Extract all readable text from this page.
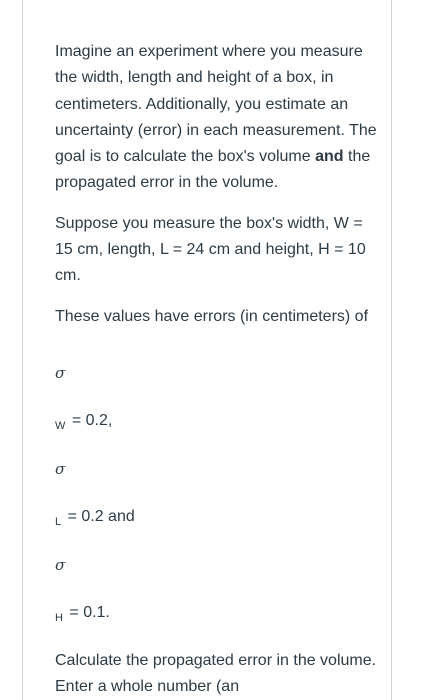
Imagine an experiment where you measure the width, length and height of a box, in centimeters. Additionally, you estimate an uncertainty (error) in each measurement. The goal is to calculate the box's volume and the propagated error in the volume.

Suppose you measure the box's width, W = 15 cm, length, L = 24 cm and height, H = 10 cm.

These values have errors (in centimeters) of

σ
$_W$ = 0.2,
σ
$_L$ = 0.2 and
σ
$_H$ = 0.1.

Calculate the propagated error in the volume. Enter a whole number (an
